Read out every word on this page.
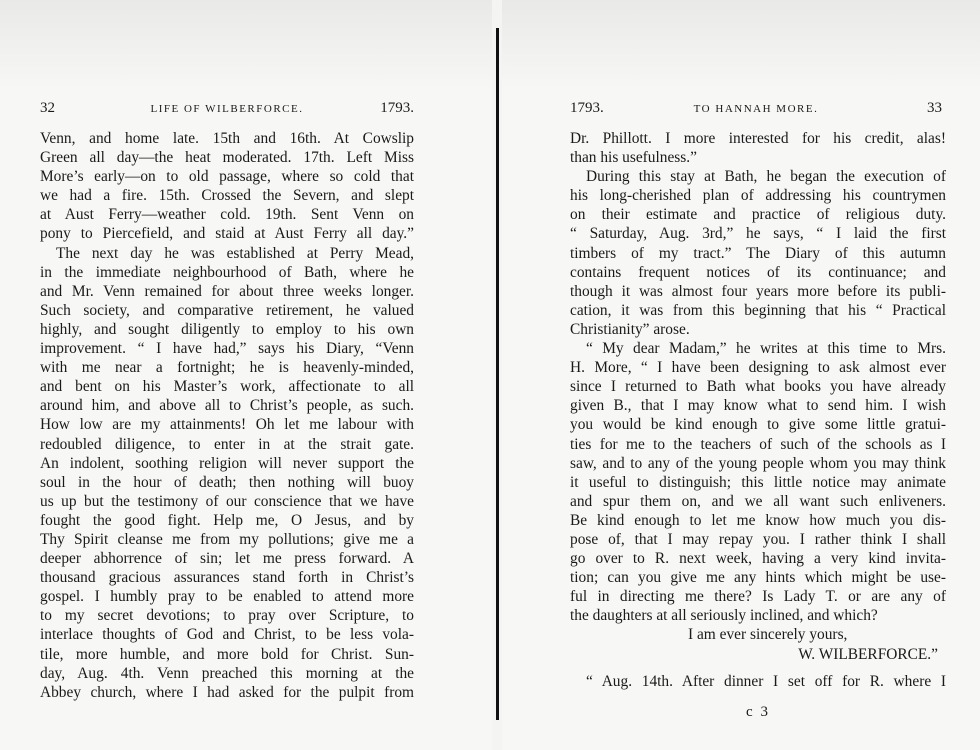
32	LIFE OF WILBERFORCE.	1793.
Venn, and home late. 15th and 16th. At Cowslip
Green all day—the heat moderated. 17th. Left Miss
More’s early—on to old passage, where so cold that
we had a fire. 15th. Crossed the Severn, and slept
at Aust Ferry—weather cold. 19th. Sent Venn on
pony to Piercefield, and staid at Aust Ferry all day.”
The next day he was established at Perry Mead,
in the immediate neighbourhood of Bath, where he
and Mr. Venn remained for about three weeks longer.
Such society, and comparative retirement, he valued
highly, and sought diligently to employ to his own
improvement. “ I have had,” says his Diary, “Venn
with me near a fortnight; he is heavenly-minded,
and bent on his Master’s work, affectionate to all
around him, and above all to Christ’s people, as such.
How low are my attainments! Oh let me labour with
redoubled diligence, to enter in at the strait gate.
An indolent, soothing religion will never support the
soul in the hour of death; then nothing will buoy
us up but the testimony of our conscience that we have
fought the good fight. Help me, O Jesus, and by
Thy Spirit cleanse me from my pollutions; give me a
deeper abhorrence of sin; let me press forward. A
thousand gracious assurances stand forth in Christ’s
gospel. I humbly pray to be enabled to attend more
to my secret devotions; to pray over Scripture, to
interlace thoughts of God and Christ, to be less vola-
tile, more humble, and more bold for Christ. Sun-
day, Aug. 4th. Venn preached this morning at the
Abbey church, where I had asked for the pulpit from
1793.	TO HANNAH MORE.	33
Dr. Phillott. I more interested for his credit, alas!
than his usefulness.”
During this stay at Bath, he began the execution of
his long-cherished plan of addressing his countrymen
on their estimate and practice of religious duty.
“ Saturday, Aug. 3rd,” he says, “ I laid the first
timbers of my tract.” The Diary of this autumn
contains frequent notices of its continuance; and
though it was almost four years more before its publi-
cation, it was from this beginning that his “ Practical
Christianity” arose.
“ My dear Madam,” he writes at this time to Mrs.
H. More, “ I have been designing to ask almost ever
since I returned to Bath what books you have already
given B., that I may know what to send him. I wish
you would be kind enough to give some little gratui-
ties for me to the teachers of such of the schools as I
saw, and to any of the young people whom you may think
it useful to distinguish; this little notice may animate
and spur them on, and we all want such enliveners.
Be kind enough to let me know how much you dis-
pose of, that I may repay you. I rather think I shall
go over to R. next week, having a very kind invita-
tion; can you give me any hints which might be use-
ful in directing me there? Is Lady T. or are any of
the daughters at all seriously inclined, and which?
I am ever sincerely yours,
W. WILBERFORCE.”
“ Aug. 14th. After dinner I set off for R. where I
c 3
